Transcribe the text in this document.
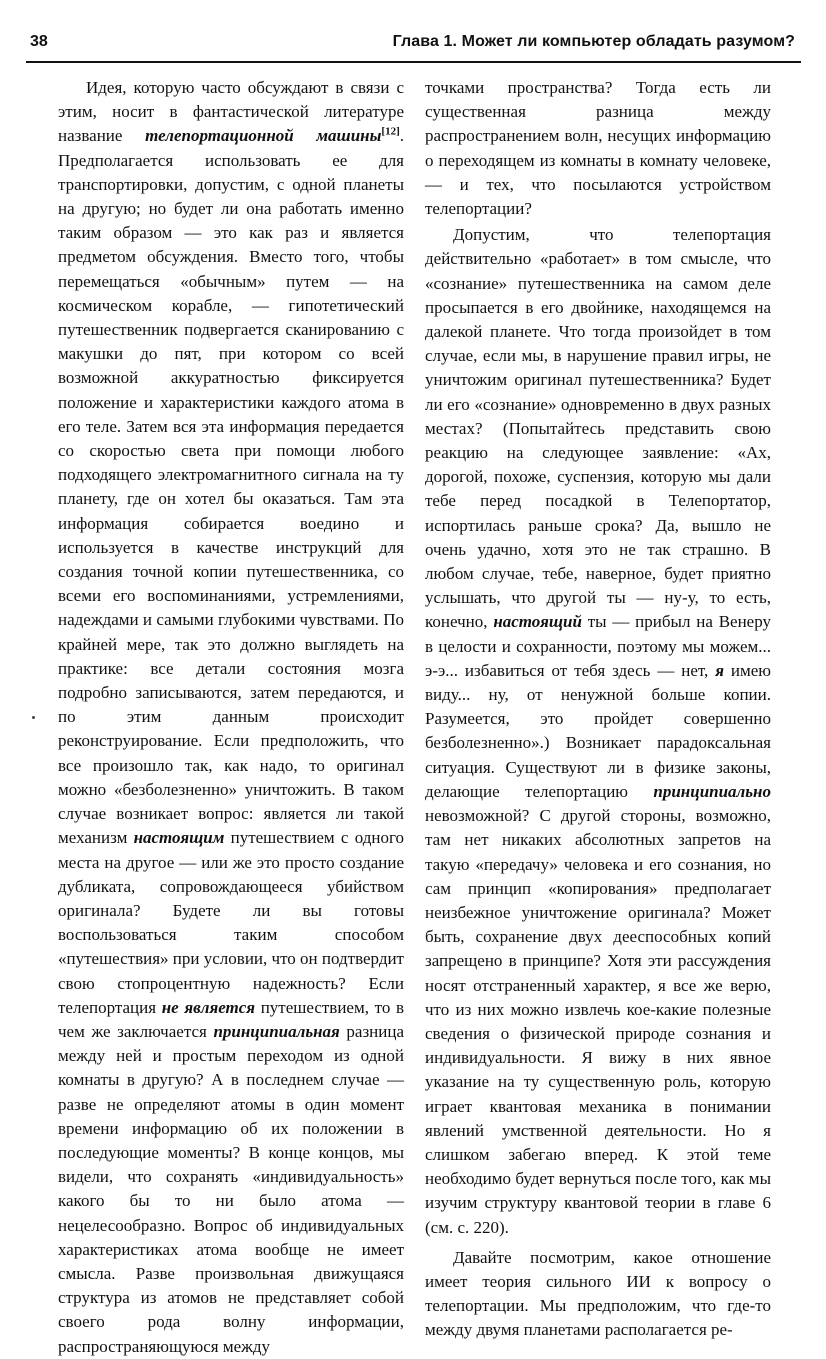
38	Глава 1. Может ли компьютер обладать разумом?

Идея, которую часто обсуждают в связи с этим, носит в фантастической литературе название телепортационной машины[12]. Предполагается использовать ее для транспортировки, допустим, с одной планеты на другую; но будет ли она работать именно таким образом — это как раз и является предметом обсуждения. Вместо того, чтобы перемещаться «обычным» путем — на космическом корабле, — гипотетический путешественник подвергается сканированию с макушки до пят, при котором со всей возможной аккуратностью фиксируется положение и характеристики каждого атома в его теле. Затем вся эта информация передается со скоростью света при помощи любого подходящего электромагнитного сигнала на ту планету, где он хотел бы оказаться. Там эта информация собирается воедино и используется в качестве инструкций для создания точной копии путешественника, со всеми его воспоминаниями, устремлениями, надеждами и самыми глубокими чувствами. По крайней мере, так это должно выглядеть на практике: все детали состояния мозга подробно записываются, затем передаются, и по этим данным происходит реконструирование. Если предположить, что все произошло так, как надо, то оригинал можно «безболезненно» уничтожить. В таком случае возникает вопрос: является ли такой механизм настоящим путешествием с одного места на другое — или же это просто создание дубликата, сопровождающееся убийством оригинала? Будете ли вы готовы воспользоваться таким способом «путешествия» при условии, что он подтвердит свою стопроцентную надежность? Если телепортация не является путешествием, то в чем же заключается принципиальная разница между ней и простым переходом из одной комнаты в другую? А в последнем случае — разве не определяют атомы в один момент времени информацию об их положении в последующие моменты? В конце концов, мы видели, что сохранять «индивидуальность» какого бы то ни было атома — нецелесообразно. Вопрос об индивидуальных характеристиках атома вообще не имеет смысла. Разве произвольная движущаяся структура из атомов не представляет собой своего рода волну информации, распространяющуюся между

точками пространства? Тогда есть ли существенная разница между распространением волн, несущих информацию о переходящем из комнаты в комнату человеке, — и тех, что посылаются устройством телепортации?

Допустим, что телепортация действительно «работает» в том смысле, что «сознание» путешественника на самом деле просыпается в его двойнике, находящемся на далекой планете. Что тогда произойдет в том случае, если мы, в нарушение правил игры, не уничтожим оригинал путешественника? Будет ли его «сознание» одновременно в двух разных местах? (Попытайтесь представить свою реакцию на следующее заявление: «Ах, дорогой, похоже, суспензия, которую мы дали тебе перед посадкой в Телепортатор, испортилась раньше срока? Да, вышло не очень удачно, хотя это не так страшно. В любом случае, тебе, наверное, будет приятно услышать, что другой ты — ну-у, то есть, конечно, настоящий ты — прибыл на Венеру в целости и сохранности, поэтому мы можем... э-э... избавиться от тебя здесь — нет, я имею виду... ну, от ненужной больше копии. Разумеется, это пройдет совершенно безболезненно».) Возникает парадоксальная ситуация. Существуют ли в физике законы, делающие телепортацию принципиально невозможной? С другой стороны, возможно, там нет никаких абсолютных запретов на такую «передачу» человека и его сознания, но сам принцип «копирования» предполагает неизбежное уничтожение оригинала? Может быть, сохранение двух дееспособных копий запрещено в принципе? Хотя эти рассуждения носят отстраненный характер, я все же верю, что из них можно извлечь кое-какие полезные сведения о физической природе сознания и индивидуальности. Я вижу в них явное указание на ту существенную роль, которую играет квантовая механика в понимании явлений умственной деятельности. Но я слишком забегаю вперед. К этой теме необходимо будет вернуться после того, как мы изучим структуру квантовой теории в главе 6 (см. с. 220).

Давайте посмотрим, какое отношение имеет теория сильного ИИ к вопросу о телепортации. Мы предположим, что где-то между двумя планетами располагается ре-
